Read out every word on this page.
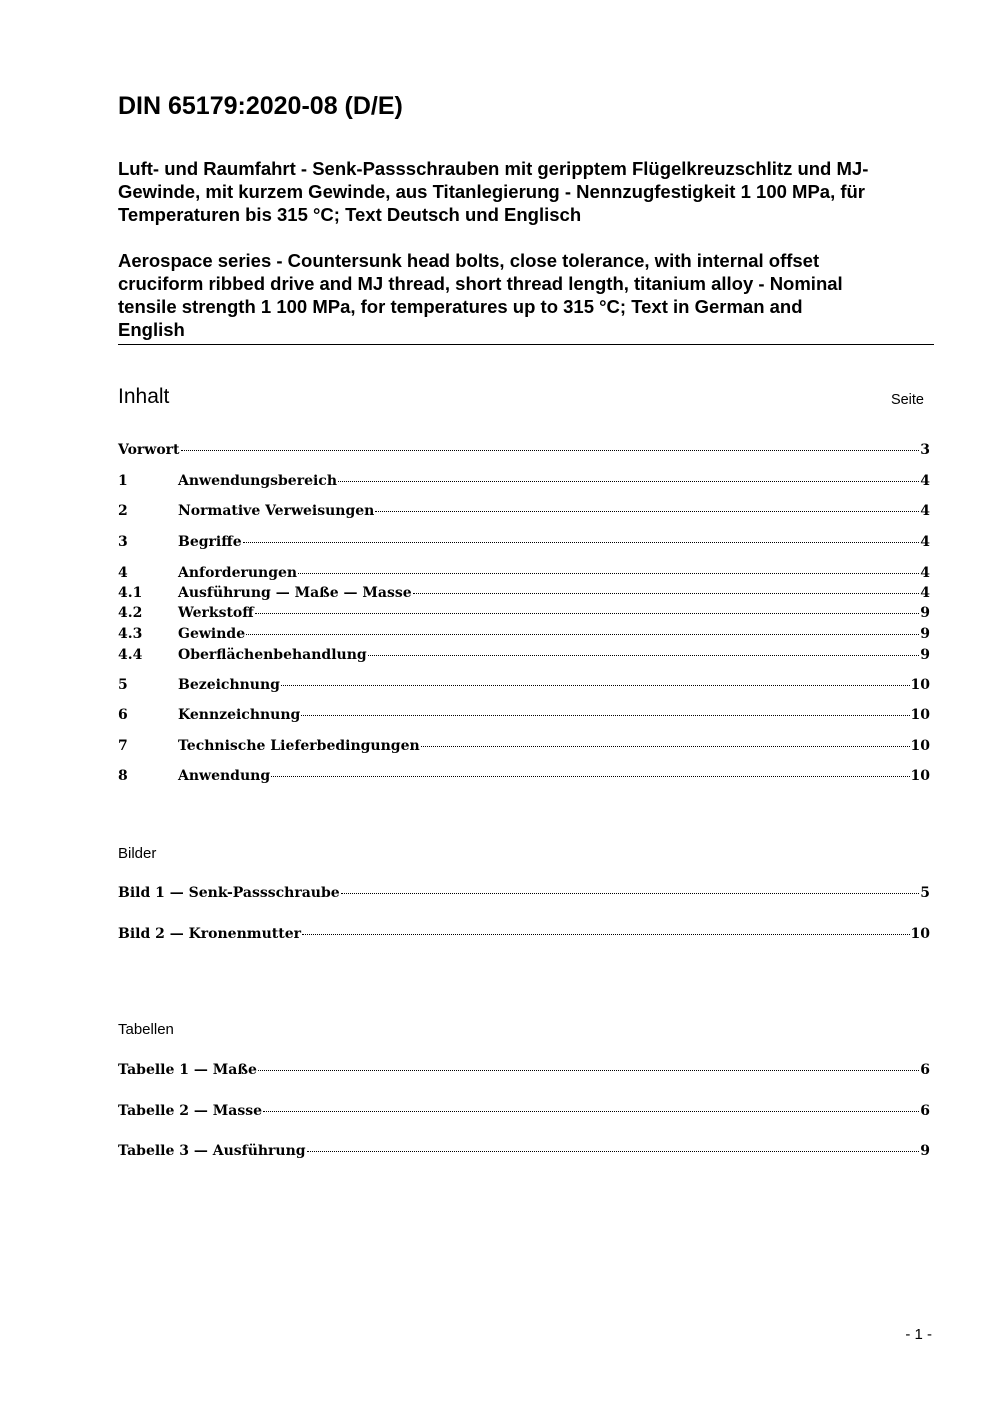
DIN 65179:2020-08 (D/E)
Luft- und Raumfahrt - Senk-Passschrauben mit geripptem Flügelkreuzschlitz und MJ-
Gewinde, mit kurzem Gewinde, aus Titanlegierung - Nennzugfestigkeit 1 100 MPa, für
Temperaturen bis 315 °C; Text Deutsch und Englisch
Aerospace series - Countersunk head bolts, close tolerance, with internal offset
cruciform ribbed drive and MJ thread, short thread length, titanium alloy - Nominal
tensile strength 1 100 MPa, for temperatures up to 315 °C; Text in German and
English
Inhalt	Seite
Vorwort	3
1	Anwendungsbereich	4
2	Normative Verweisungen	4
3	Begriffe	4
4	Anforderungen	4
4.1	Ausführung — Maße — Masse	4
4.2	Werkstoff	9
4.3	Gewinde	9
4.4	Oberflächenbehandlung	9
5	Bezeichnung	10
6	Kennzeichnung	10
7	Technische Lieferbedingungen	10
8	Anwendung	10
Bilder
Bild 1 — Senk-Passschraube	5
Bild 2 — Kronenmutter	10
Tabellen
Tabelle 1 — Maße	6
Tabelle 2 — Masse	6
Tabelle 3 — Ausführung	9
- 1 -
